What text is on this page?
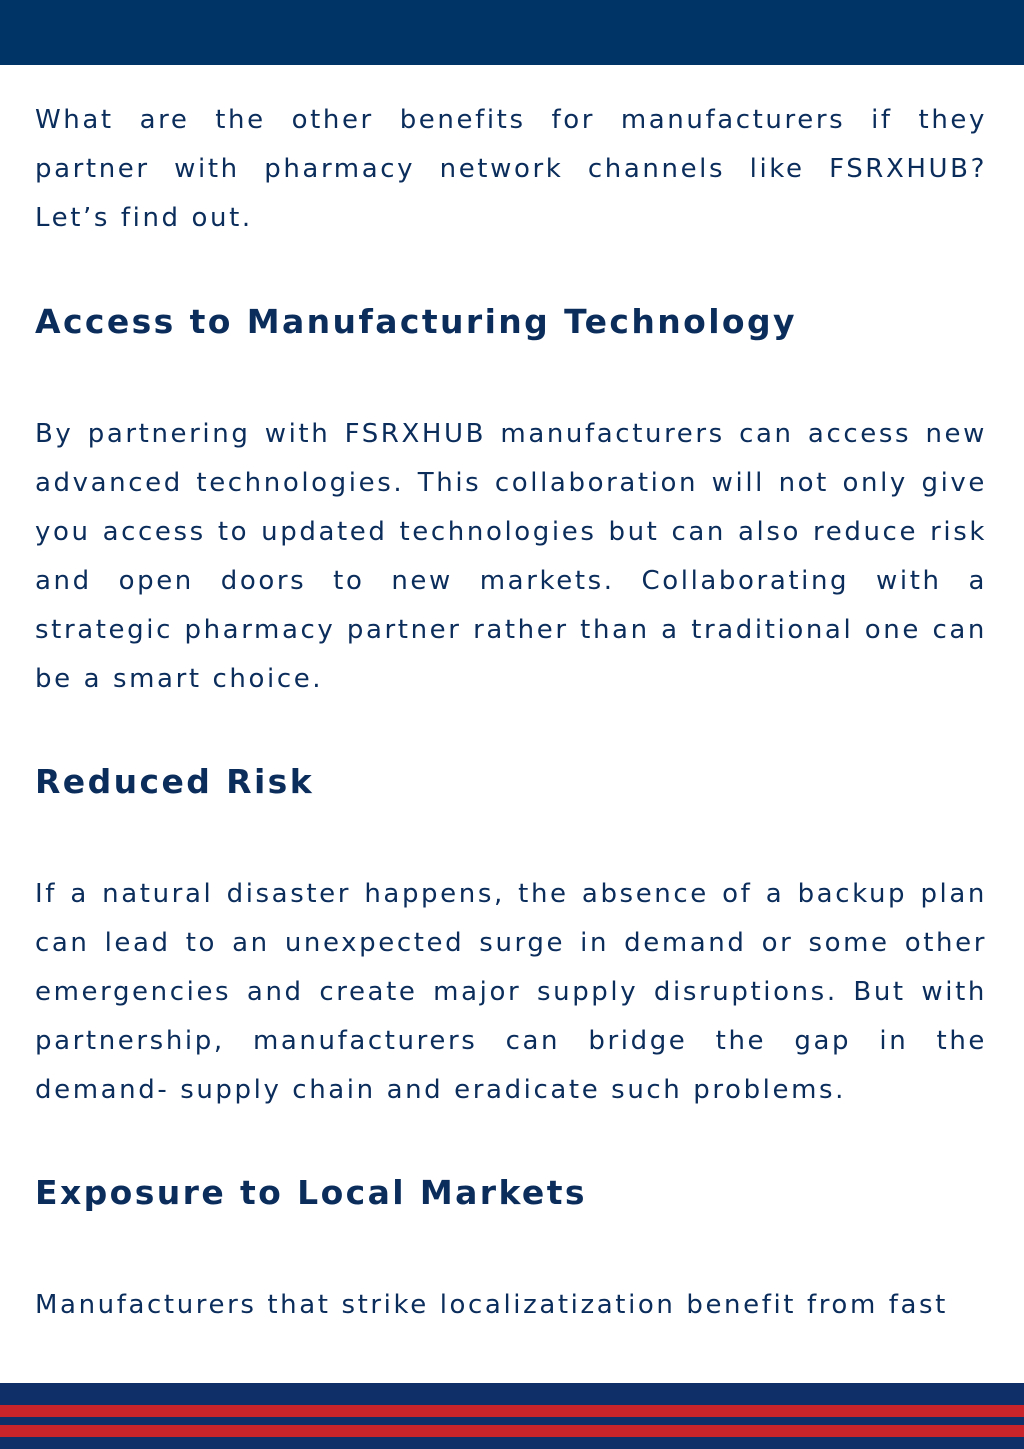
What are the other benefits for manufacturers if they partner with pharmacy network channels like FSRXHUB? Let’s find out.

Access to Manufacturing Technology

By partnering with FSRXHUB manufacturers can access new advanced technologies. This collaboration will not only give you access to updated technologies but can also reduce risk and open doors to new markets. Collaborating with a strategic pharmacy partner rather than a traditional one can be a smart choice.

Reduced Risk

If a natural disaster happens, the absence of a backup plan can lead to an unexpected surge in demand or some other emergencies and create major supply disruptions. But with partnership, manufacturers can bridge the gap in the demand- supply chain and eradicate such problems.

Exposure to Local Markets

Manufacturers that strike localizatization benefit from fast
